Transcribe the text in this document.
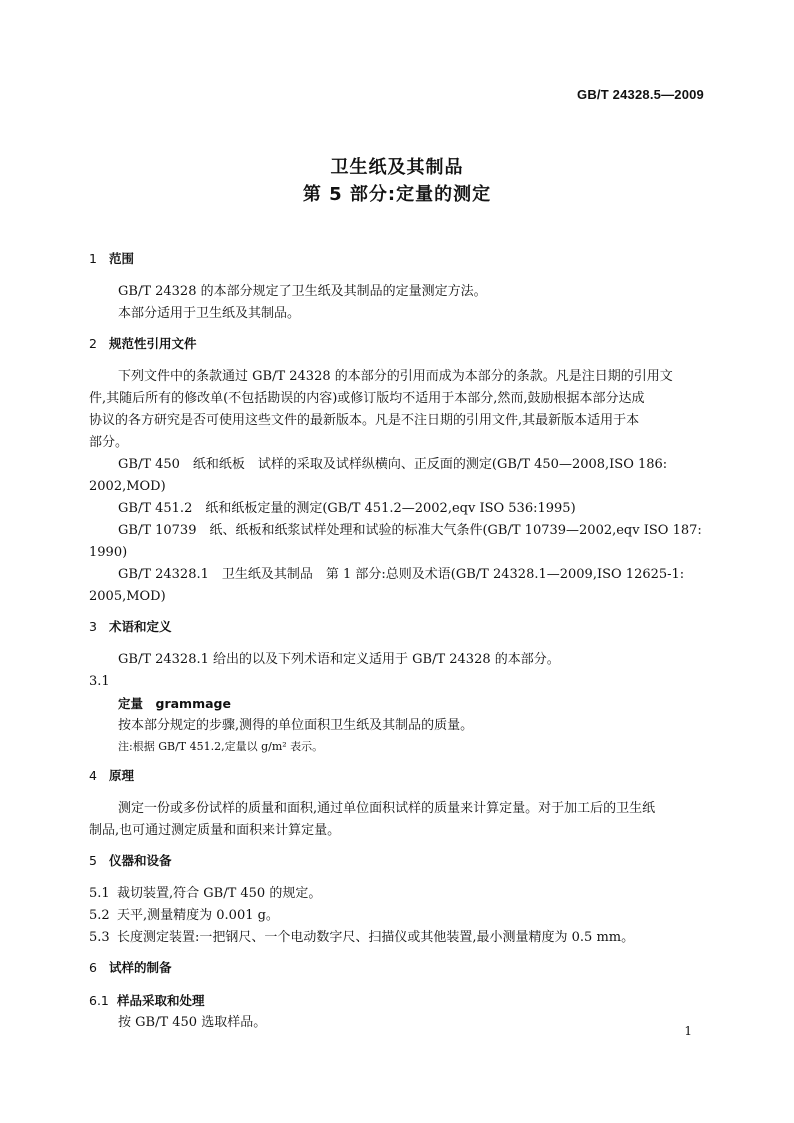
GB/T 24328.5—2009
卫生纸及其制品
第 5 部分:定量的测定
1 范围
GB/T 24328 的本部分规定了卫生纸及其制品的定量测定方法。
本部分适用于卫生纸及其制品。
2 规范性引用文件
下列文件中的条款通过 GB/T 24328 的本部分的引用而成为本部分的条款。凡是注日期的引用文
件,其随后所有的修改单(不包括勘误的内容)或修订版均不适用于本部分,然而,鼓励根据本部分达成
协议的各方研究是否可使用这些文件的最新版本。凡是不注日期的引用文件,其最新版本适用于本
部分。
GB/T 450　纸和纸板　试样的采取及试样纵横向、正反面的测定(GB/T 450—2008,ISO 186:
2002,MOD)
GB/T 451.2　纸和纸板定量的测定(GB/T 451.2—2002,eqv ISO 536:1995)
GB/T 10739　纸、纸板和纸浆试样处理和试验的标准大气条件(GB/T 10739—2002,eqv ISO 187:
1990)
GB/T 24328.1　卫生纸及其制品　第 1 部分:总则及术语(GB/T 24328.1—2009,ISO 12625-1:
2005,MOD)
3 术语和定义
GB/T 24328.1 给出的以及下列术语和定义适用于 GB/T 24328 的本部分。
3.1
定量　grammage
按本部分规定的步骤,测得的单位面积卫生纸及其制品的质量。
注:根据 GB/T 451.2,定量以 g/m² 表示。
4 原理
测定一份或多份试样的质量和面积,通过单位面积试样的质量来计算定量。对于加工后的卫生纸
制品,也可通过测定质量和面积来计算定量。
5 仪器和设备
5.1 裁切装置,符合 GB/T 450 的规定。
5.2 天平,测量精度为 0.001 g。
5.3 长度测定装置:一把钢尺、一个电动数字尺、扫描仪或其他装置,最小测量精度为 0.5 mm。
6 试样的制备
6.1 样品采取和处理
按 GB/T 450 选取样品。
1
